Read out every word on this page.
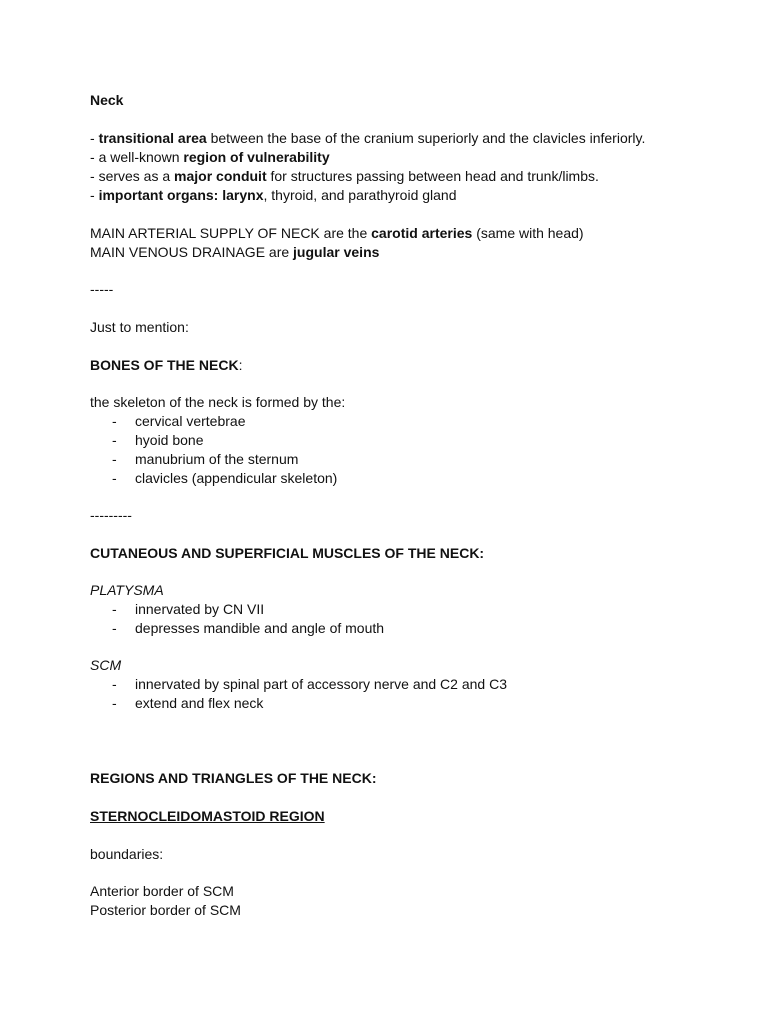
Neck
- transitional area between the base of the cranium superiorly and the clavicles inferiorly.
- a well-known region of vulnerability
- serves as a major conduit for structures passing between head and trunk/limbs.
- important organs: larynx, thyroid, and parathyroid gland
MAIN ARTERIAL SUPPLY OF NECK are the carotid arteries (same with head)
MAIN VENOUS DRAINAGE are jugular veins
-----
Just to mention:
BONES OF THE NECK:
the skeleton of the neck is formed by the:
- cervical vertebrae
- hyoid bone
- manubrium of the sternum
- clavicles (appendicular skeleton)
---------
CUTANEOUS AND SUPERFICIAL MUSCLES OF THE NECK:
PLATYSMA
- innervated by CN VII
- depresses mandible and angle of mouth
SCM
- innervated by spinal part of accessory nerve and C2 and C3
- extend and flex neck
REGIONS AND TRIANGLES OF THE NECK:
STERNOCLEIDOMASTOID REGION
boundaries:
Anterior border of SCM
Posterior border of SCM
